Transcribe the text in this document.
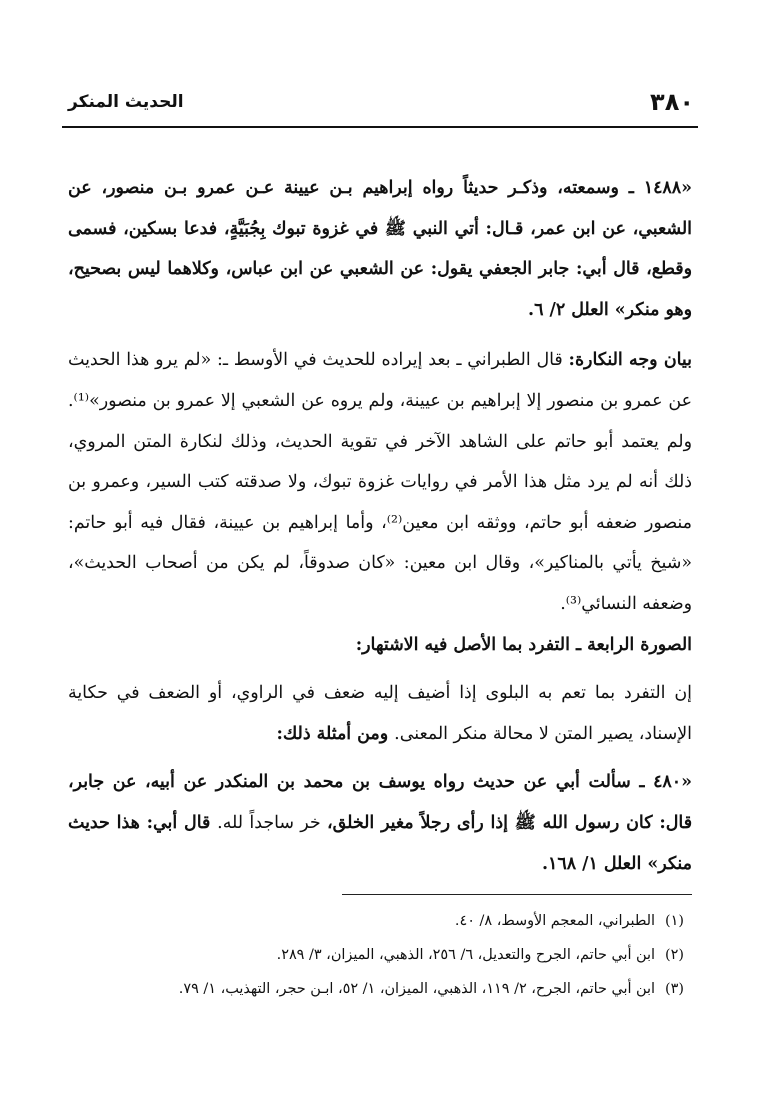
٣٨٠
الحديث المنكر

«١٤٨٨ ـ وسمعته، وذكـر حديثاً رواه إبراهيم بـن عيينة عـن عمرو بـن منصور، عن الشعبي، عن ابن عمر، قـال: أتي النبي ﷺ في غزوة تبوك بِجُبَيَّةٍ، فدعا بسكين، فسمى وقطع، قال أبي: جابر الجعفي يقول: عن الشعبي عن ابن عباس، وكلاهما ليس بصحيح، وهو منكر» العلل ٢/ ٦.

بيان وجه النكارة: قال الطبراني ـ بعد إيراده للحديث في الأوسط ـ: «لم يرو هذا الحديث عن عمرو بن منصور إلا إبراهيم بن عيينة، ولم يروه عن الشعبي إلا عمرو بن منصور»⁽¹⁾. ولم يعتمد أبو حاتم على الشاهد الآخر في تقوية الحديث، وذلك لنكارة المتن المروي، ذلك أنه لم يرد مثل هذا الأمر في روايات غزوة تبوك، ولا صدقته كتب السير، وعمرو بن منصور ضعفه أبو حاتم، ووثقه ابن معين⁽²⁾، وأما إبراهيم بن عيينة، فقال فيه أبو حاتم: «شيخ يأتي بالمناكير»، وقال ابن معين: «كان صدوقاً، لم يكن من أصحاب الحديث»، وضعفه النسائي⁽³⁾.

الصورة الرابعة ـ التفرد بما الأصل فيه الاشتهار:

إن التفرد بما تعم به البلوى إذا أضيف إليه ضعف في الراوي، أو الضعف في حكاية الإسناد، يصير المتن لا محالة منكر المعنى. ومن أمثلة ذلك:

«٤٨٠ ـ سألت أبي عن حديث رواه يوسف بن محمد بن المنكدر عن أبيه، عن جابر، قال: كان رسول الله ﷺ إذا رأى رجلاً مغير الخلق، خر ساجداً لله. قال أبي: هذا حديث منكر» العلل ١/ ١٦٨.

(١)الطبراني، المعجم الأوسط، ٨/ ٤٠.

(٢)ابن أبي حاتم، الجرح والتعديل، ٦/ ٢٥٦، الذهبي، الميزان، ٣/ ٢٨٩.

(٣)ابن أبي حاتم، الجرح، ٢/ ١١٩، الذهبي، الميزان، ١/ ٥٢، ابـن حجر، التهذيب، ١/ ٧٩.
